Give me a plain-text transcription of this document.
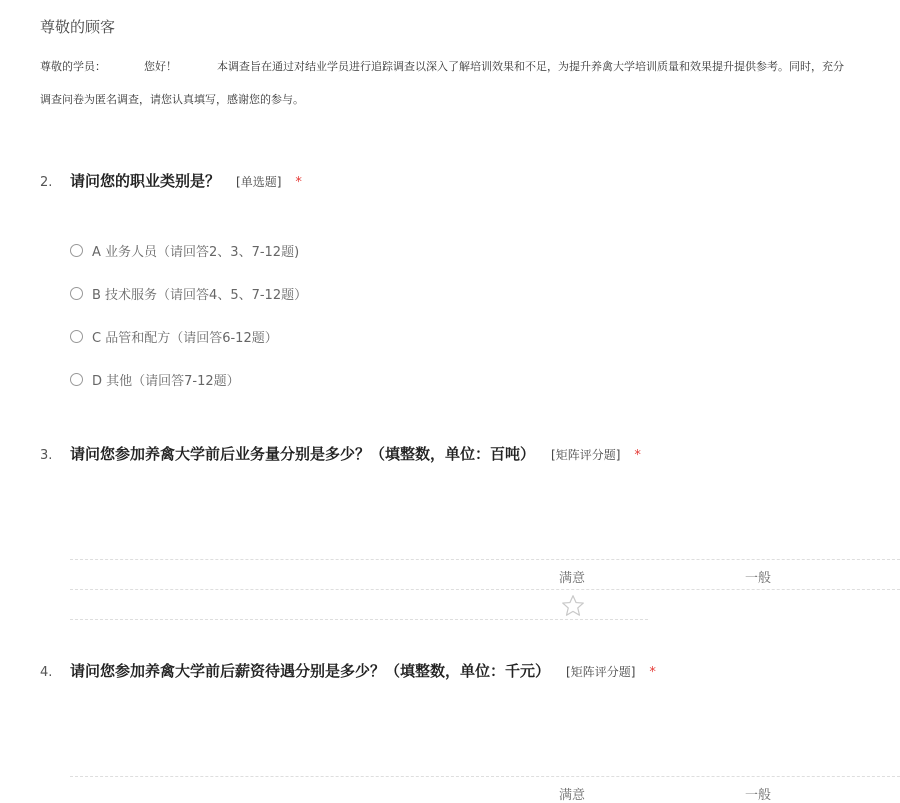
尊敬的顾客
尊敬的学员：	您好！	本调查旨在通过对结业学员进行追踪调查以深入了解培训效果和不足，为提升养禽大学培训质量和效果提升提供参考。同时，充分
调查问卷为匿名调查，请您认真填写，感谢您的参与。
2.	请问您的职业类别是？ [单选题] *
A 业务人员（请回答2、3、7-12题)
B 技术服务（请回答4、5、7-12题）
C 品管和配方（请回答6-12题）
D 其他（请回答7-12题）
3.	请问您参加养禽大学前后业务量分别是多少？（填整数，单位：百吨） [矩阵评分题] *
满意	一般
4.	请问您参加养禽大学前后薪资待遇分别是多少？（填整数，单位：千元） [矩阵评分题] *
满意	一般
